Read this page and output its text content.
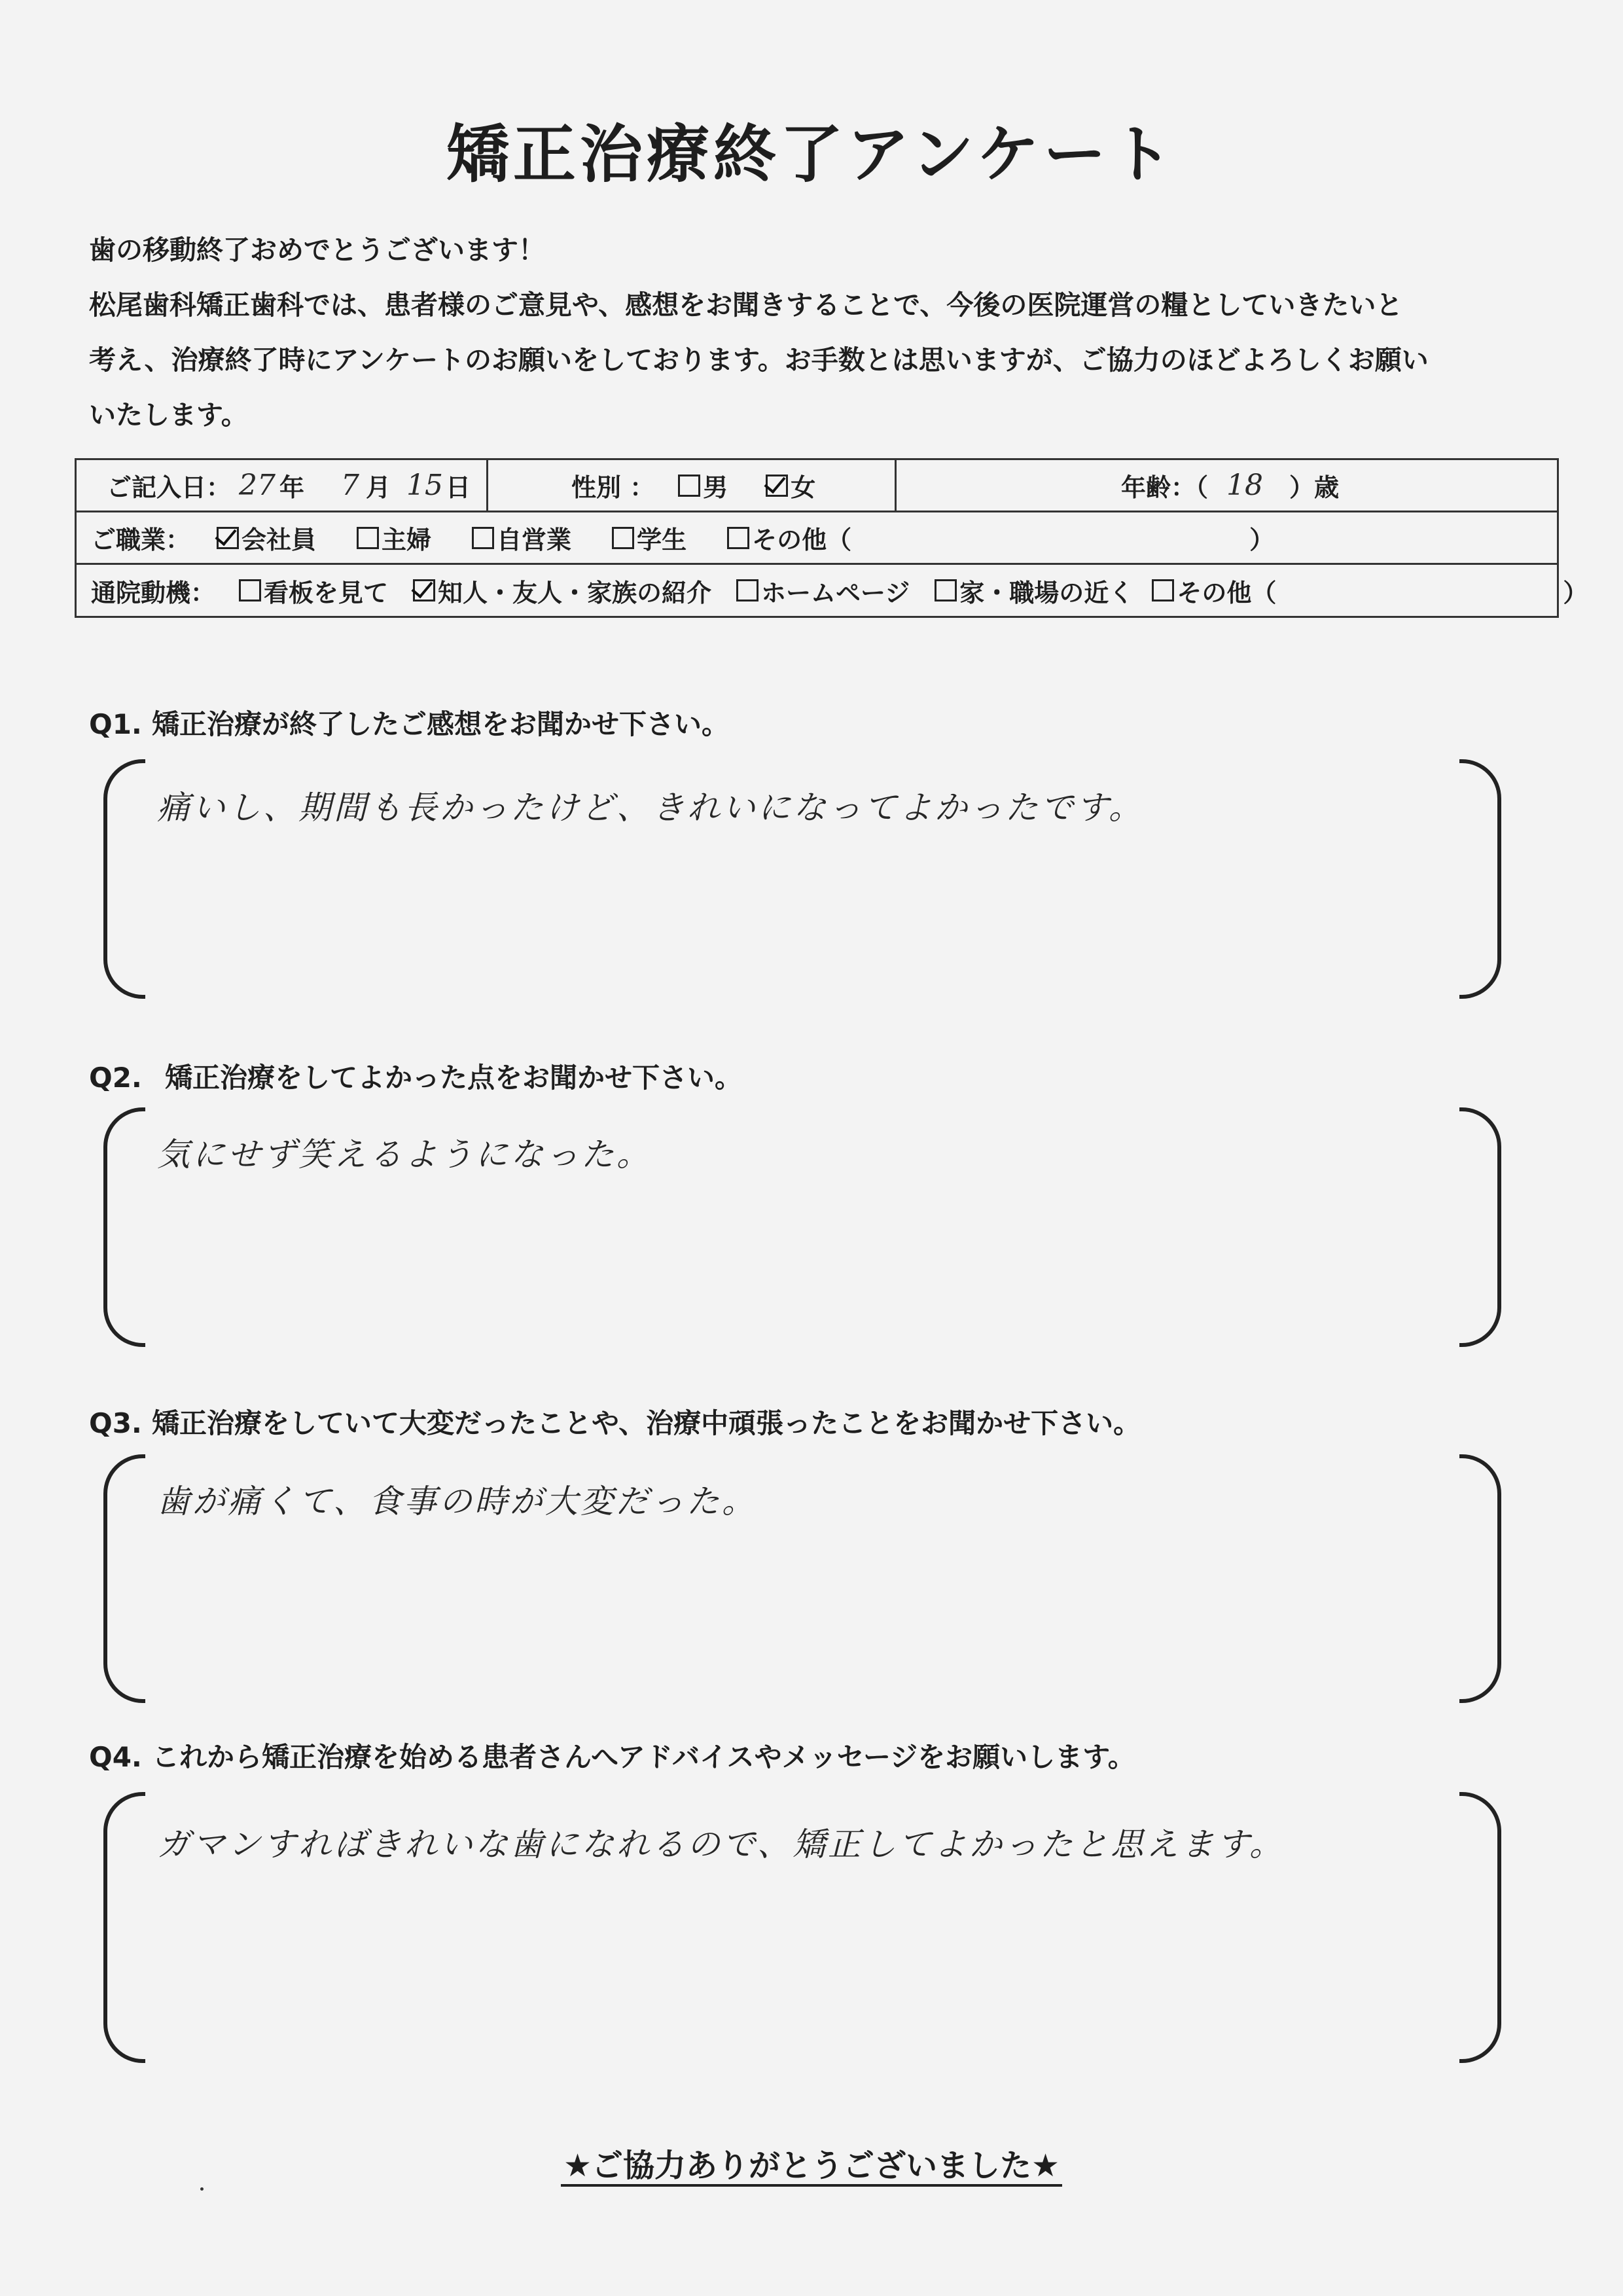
矯正治療終了アンケート
歯の移動終了おめでとうございます！
松尾歯科矯正歯科では、患者様のご意見や、感想をお聞きすることで、今後の医院運営の糧としていきたいと
考え、治療終了時にアンケートのお願いをしております。お手数とは思いますが、ご協力のほどよろしくお願い
いたします。
ご記入日： 27 年 7 月 15 日	性別 ： 男	女	年齢：（ 18 ）歳
ご職業： 会社員	主婦	自営業	学生	その他（	）
通院動機： 看板を見て 知人・友人・家族の紹介 ホームページ 家・職場の近く その他（	）
Q1. 矯正治療が終了したご感想をお聞かせ下さい。
痛いし、期間も長かったけど、きれいになってよかったです。
Q2. 矯正治療をしてよかった点をお聞かせ下さい。
気にせず笑えるようになった。
Q3. 矯正治療をしていて大変だったことや、治療中頑張ったことをお聞かせ下さい。
歯が痛くて、食事の時が大変だった。
Q4. これから矯正治療を始める患者さんへアドバイスやメッセージをお願いします。
ガマンすればきれいな歯になれるので、矯正してよかったと思えます。
★ご協力ありがとうございました★
